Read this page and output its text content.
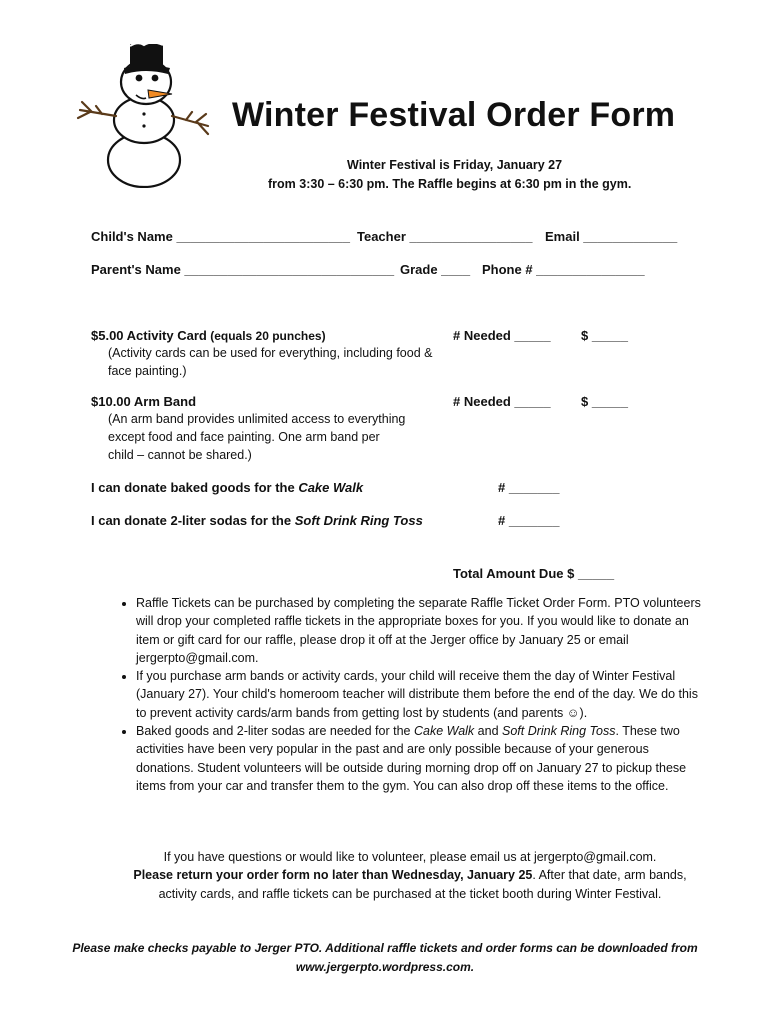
Winter Festival Order Form
Winter Festival is Friday, January 27
from 3:30 – 6:30 pm. The Raffle begins at 6:30 pm in the gym.
Child's Name ________________________ Teacher _________________ Email _____________
Parent's Name _____________________________ Grade ____ Phone # _______________
$5.00 Activity Card (equals 20 punches)	# Needed _____ $ _____
(Activity cards can be used for everything, including food & face painting.)
$10.00 Arm Band	# Needed _____ $ _____
(An arm band provides unlimited access to everything except food and face painting. One arm band per child – cannot be shared.)
I can donate baked goods for the Cake Walk	# _______
I can donate 2-liter sodas for the Soft Drink Ring Toss	# _______
Total Amount Due $ _____
• Raffle Tickets can be purchased by completing the separate Raffle Ticket Order Form. PTO volunteers will drop your completed raffle tickets in the appropriate boxes for you. If you would like to donate an item or gift card for our raffle, please drop it off at the Jerger office by January 25 or email jergerpto@gmail.com.
• If you purchase arm bands or activity cards, your child will receive them the day of Winter Festival (January 27). Your child's homeroom teacher will distribute them before the end of the day. We do this to prevent activity cards/arm bands from getting lost by students (and parents ☺).
• Baked goods and 2-liter sodas are needed for the Cake Walk and Soft Drink Ring Toss. These two activities have been very popular in the past and are only possible because of your generous donations. Student volunteers will be outside during morning drop off on January 27 to pickup these items from your car and transfer them to the gym. You can also drop off these items to the office.
If you have questions or would like to volunteer, please email us at jergerpto@gmail.com.
Please return your order form no later than Wednesday, January 25. After that date, arm bands, activity cards, and raffle tickets can be purchased at the ticket booth during Winter Festival.
Please make checks payable to Jerger PTO. Additional raffle tickets and order forms can be downloaded from
www.jergerpto.wordpress.com.
